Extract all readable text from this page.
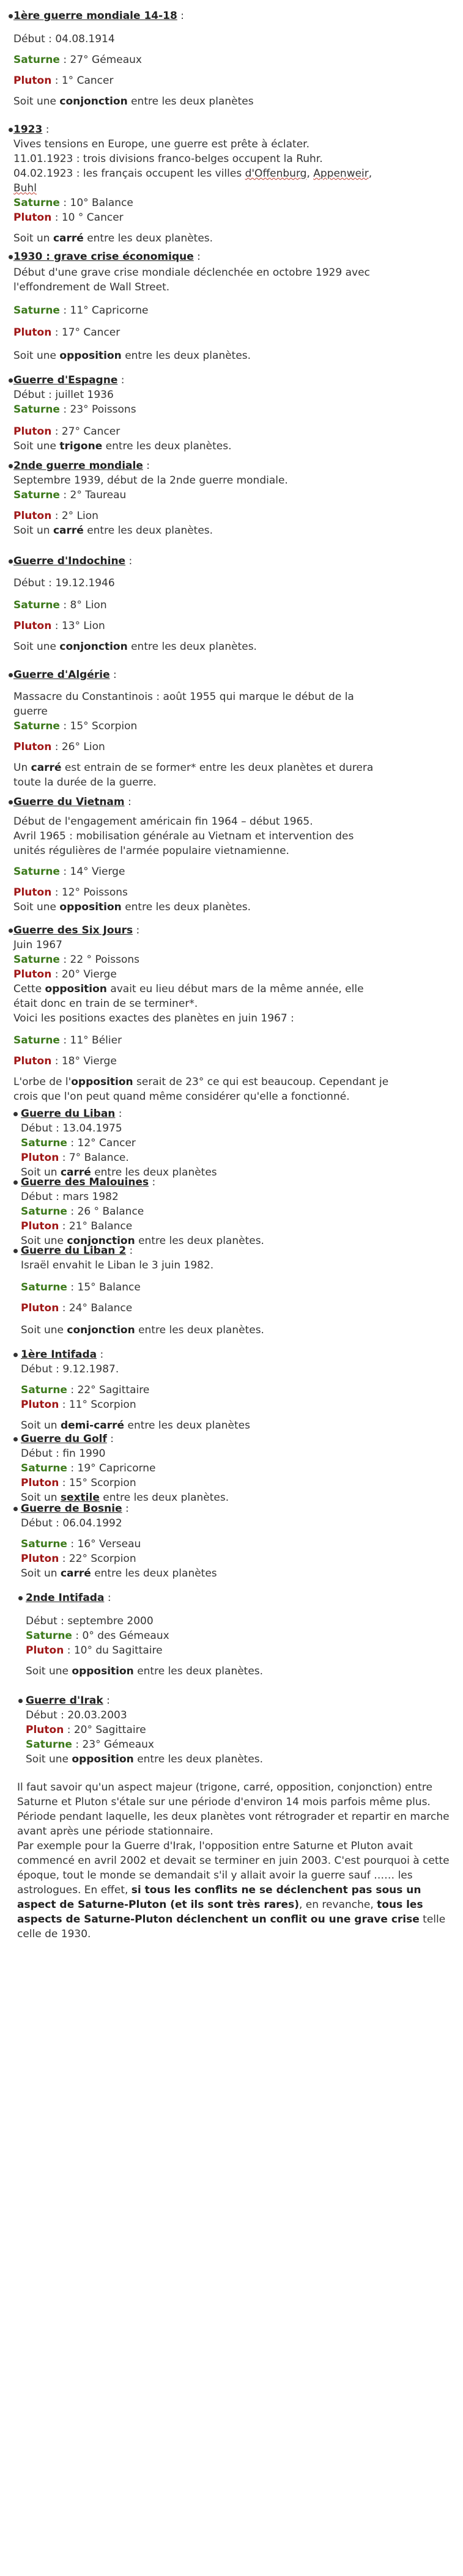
1ère guerre mondiale 14-18 :
Début : 04.08.1914
Saturne : 27° Gémeaux
Pluton : 1° Cancer
Soit une conjonction entre les deux planètes
1923 :
Vives tensions en Europe, une guerre est prête à éclater.
11.01.1923 : trois divisions franco-belges occupent la Ruhr.
04.02.1923 : les français occupent les villes d'Offenburg, Appenweir,
Buhl
Saturne : 10° Balance
Pluton : 10 ° Cancer
Soit un carré entre les deux planètes.
1930 : grave crise économique :
Début d'une grave crise mondiale déclenchée en octobre 1929 avec
l'effondrement de Wall Street.
Saturne : 11° Capricorne
Pluton : 17° Cancer
Soit une opposition entre les deux planètes.
Guerre d'Espagne :
Début : juillet 1936
Saturne : 23° Poissons
Pluton : 27° Cancer
Soit une trigone entre les deux planètes.
2nde guerre mondiale :
Septembre 1939, début de la 2nde guerre mondiale.
Saturne : 2° Taureau
Pluton : 2° Lion
Soit un carré entre les deux planètes.
Guerre d'Indochine :
Début : 19.12.1946
Saturne : 8° Lion
Pluton : 13° Lion
Soit une conjonction entre les deux planètes.
Guerre d'Algérie :
Massacre du Constantinois : août 1955 qui marque le début de la
guerre
Saturne : 15° Scorpion
Pluton : 26° Lion
Un carré est entrain de se former* entre les deux planètes et durera
toute la durée de la guerre.
Guerre du Vietnam :
Début de l'engagement américain fin 1964 – début 1965.
Avril 1965 : mobilisation générale au Vietnam et intervention des
unités régulières de l'armée populaire vietnamienne.
Saturne : 14° Vierge
Pluton : 12° Poissons
Soit une opposition entre les deux planètes.
Guerre des Six Jours :
Juin 1967
Saturne : 22 ° Poissons
Pluton : 20° Vierge
Cette opposition avait eu lieu début mars de la même année, elle
était donc en train de se terminer*.
Voici les positions exactes des planètes en juin 1967 :
Saturne : 11° Bélier
Pluton : 18° Vierge
L'orbe de l'opposition serait de 23° ce qui est beaucoup. Cependant je
crois que l'on peut quand même considérer qu'elle a fonctionné.
Guerre du Liban :
Début : 13.04.1975
Saturne : 12° Cancer
Pluton : 7° Balance.
Soit un carré entre les deux planètes
Guerre des Malouines :
Début : mars 1982
Saturne : 26 ° Balance
Pluton : 21° Balance
Soit une conjonction entre les deux planètes.
Guerre du Liban 2 :
Israël envahit le Liban le 3 juin 1982.
Saturne : 15° Balance
Pluton : 24° Balance
Soit une conjonction entre les deux planètes.
1ère Intifada :
Début : 9.12.1987.
Saturne : 22° Sagittaire
Pluton : 11° Scorpion
Soit un demi-carré entre les deux planètes
Guerre du Golf :
Début : fin 1990
Saturne : 19° Capricorne
Pluton : 15° Scorpion
Soit un sextile entre les deux planètes.
Guerre de Bosnie :
Début : 06.04.1992
Saturne : 16° Verseau
Pluton : 22° Scorpion
Soit un carré entre les deux planètes
2nde Intifada :
Début : septembre 2000
Saturne : 0° des Gémeaux
Pluton : 10° du Sagittaire
Soit une opposition entre les deux planètes.
Guerre d'Irak :
Début : 20.03.2003
Pluton : 20° Sagittaire
Saturne : 23° Gémeaux
Soit une opposition entre les deux planètes.

Il faut savoir qu'un aspect majeur (trigone, carré, opposition, conjonction) entre Saturne et Pluton s'étale sur une période d'environ 14 mois parfois même plus. Période pendant laquelle, les deux planètes vont rétrograder et repartir en marche avant après une période stationnaire.

Par exemple pour la Guerre d'Irak, l'opposition entre Saturne et Pluton avait commencé en avril 2002 et devait se terminer en juin 2003. C'est pourquoi à cette époque, tout le monde se demandait s'il y allait avoir la guerre sauf …… les astrologues. En effet, si tous les conflits ne se déclenchent pas sous un aspect de Saturne-Pluton (et ils sont très rares), en revanche, tous les aspects de Saturne-Pluton déclenchent un conflit ou une grave crise telle celle de 1930.
